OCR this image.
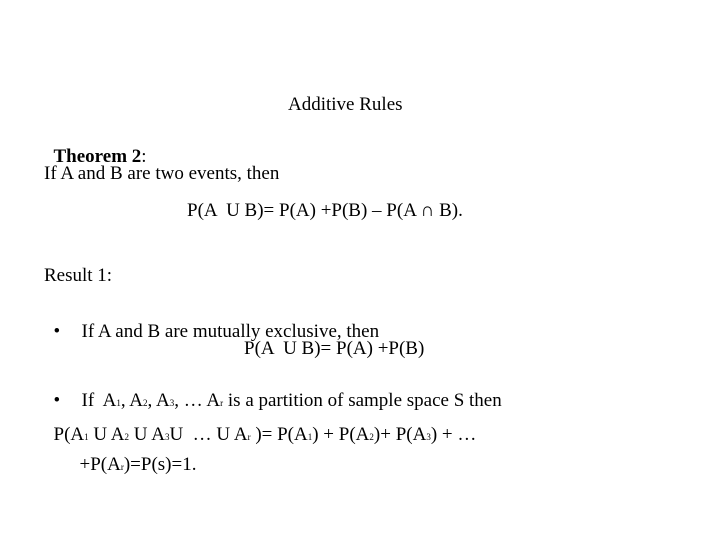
Additive Rules

Theorem 2:

If A and B are two events, then
P(A  U B)= P(A) +P(B) – P(A ∩ B).
Result 1:

• If A and B are mutually exclusive, then

P(A  U B)= P(A) +P(B)

• If  A1, A2, A3, … Ar is a partition of sample space S then

P(A1 U A2 U A3U  … U Ar )= P(A1) + P(A2)+ P(A3) + …

+P(Ar)=P(s)=1.
